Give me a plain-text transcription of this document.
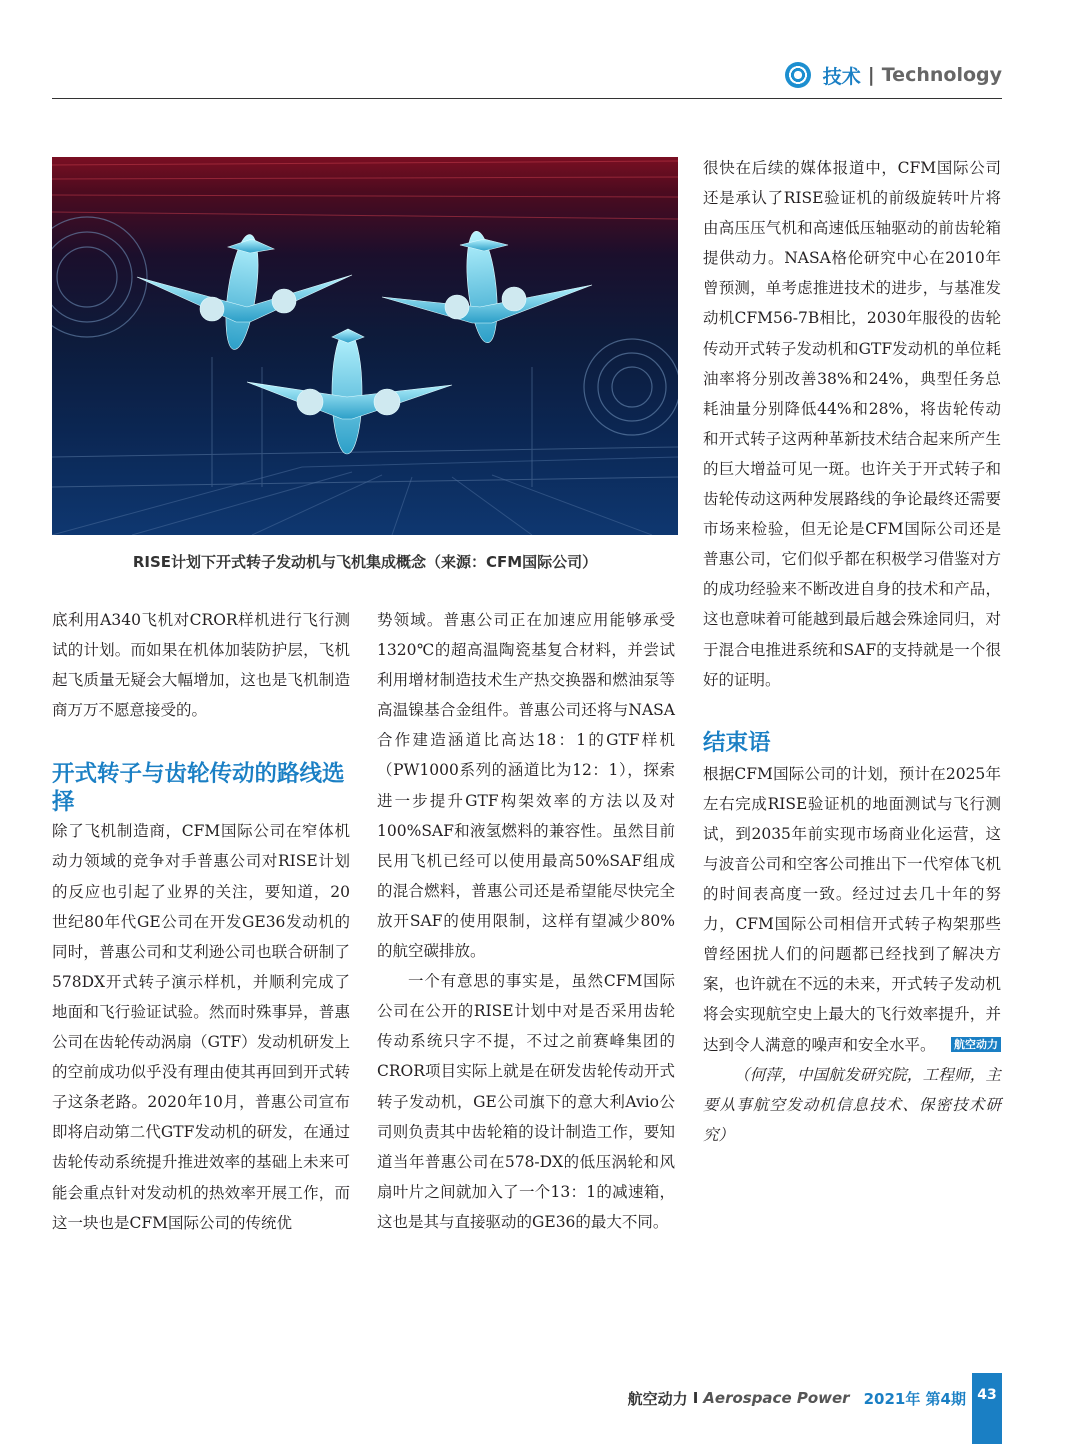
技术 | Technology
RISE计划下开式转子发动机与飞机集成概念（来源：CFM国际公司）

底利用A340飞机对CROR样机进行飞行测试的计划。而如果在机体加装防护层，飞机起飞质量无疑会大幅增加，这也是飞机制造商万万不愿意接受的。

开式转子与齿轮传动的路线选择

除了飞机制造商，CFM国际公司在窄体机动力领域的竞争对手普惠公司对RISE计划的反应也引起了业界的关注，要知道，20世纪80年代GE公司在开发GE36发动机的同时，普惠公司和艾利逊公司也联合研制了578DX开式转子演示样机，并顺利完成了地面和飞行验证试验。然而时殊事异，普惠公司在齿轮传动涡扇（GTF）发动机研发上的空前成功似乎没有理由使其再回到开式转子这条老路。2020年10月，普惠公司宣布即将启动第二代GTF发动机的研发，在通过齿轮传动系统提升推进效率的基础上未来可能会重点针对发动机的热效率开展工作，而这一块也是CFM国际公司的传统优

势领域。普惠公司正在加速应用能够承受1320℃的超高温陶瓷基复合材料，并尝试利用增材制造技术生产热交换器和燃油泵等高温镍基合金组件。普惠公司还将与NASA合作建造涵道比高达18：1的GTF样机（PW1000系列的涵道比为12：1），探索进一步提升GTF构架效率的方法以及对100%SAF和液氢燃料的兼容性。虽然目前民用飞机已经可以使用最高50%SAF组成的混合燃料，普惠公司还是希望能尽快完全放开SAF的使用限制，这样有望减少80%的航空碳排放。

一个有意思的事实是，虽然CFM国际公司在公开的RISE计划中对是否采用齿轮传动系统只字不提，不过之前赛峰集团的CROR项目实际上就是在研发齿轮传动开式转子发动机，GE公司旗下的意大利Avio公司则负责其中齿轮箱的设计制造工作，要知道当年普惠公司在578-DX的低压涡轮和风扇叶片之间就加入了一个13：1的减速箱，这也是其与直接驱动的GE36的最大不同。

很快在后续的媒体报道中，CFM国际公司还是承认了RISE验证机的前级旋转叶片将由高压压气机和高速低压轴驱动的前齿轮箱提供动力。NASA格伦研究中心在2010年曾预测，单考虑推进技术的进步，与基准发动机CFM56-7B相比，2030年服役的齿轮传动开式转子发动机和GTF发动机的单位耗油率将分别改善38%和24%，典型任务总耗油量分别降低44%和28%，将齿轮传动和开式转子这两种革新技术结合起来所产生的巨大增益可见一斑。也许关于开式转子和齿轮传动这两种发展路线的争论最终还需要市场来检验，但无论是CFM国际公司还是普惠公司，它们似乎都在积极学习借鉴对方的成功经验来不断改进自身的技术和产品，这也意味着可能越到最后越会殊途同归，对于混合电推进系统和SAF的支持就是一个很好的证明。

结束语

根据CFM国际公司的计划，预计在2025年左右完成RISE验证机的地面测试与飞行测试，到2035年前实现市场商业化运营，这与波音公司和空客公司推出下一代窄体飞机的时间表高度一致。经过过去几十年的努力，CFM国际公司相信开式转子构架那些曾经困扰人们的问题都已经找到了解决方案，也许就在不远的未来，开式转子发动机将会实现航空史上最大的飞行效率提升，并达到令人满意的噪声和安全水平。 航空动力

（何萍，中国航发研究院，工程师，主要从事航空发动机信息技术、保密技术研究）

航空动力 I Aerospace Power 2021年 第4期 43
